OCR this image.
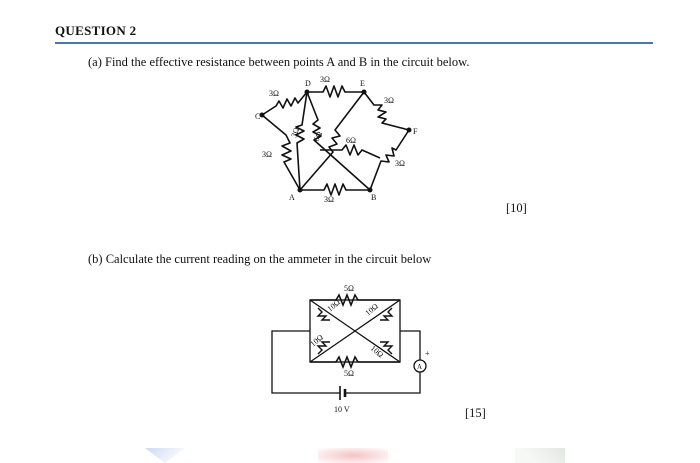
QUESTION 2
(a) Find the effective resistance between points A and B in the circuit below.
[10]
C
D	E
F
A	B
3Ω
3Ω
3Ω
3Ω
3Ω
3Ω
3Ω 6Ω	6Ω
(b) Calculate the current reading on the ammeter in the circuit below
[15]
5Ω
10Ω	10Ω
10Ω
10Ω
5Ω
10 V
+
A
